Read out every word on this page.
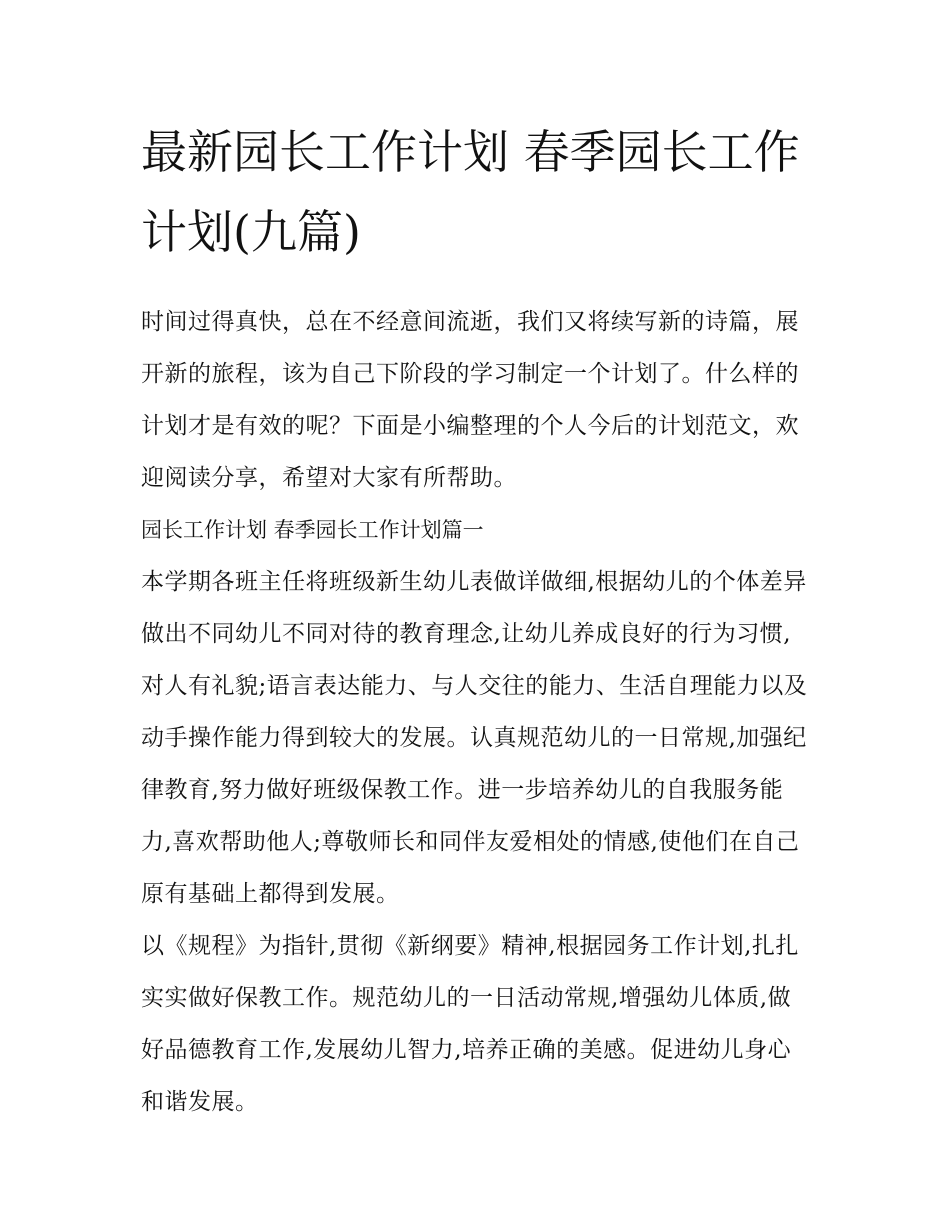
最新园长工作计划 春季园长工作计划(九篇)

时间过得真快，总在不经意间流逝，我们又将续写新的诗篇，展开新的旅程，该为自己下阶段的学习制定一个计划了。什么样的计划才是有效的呢？下面是小编整理的个人今后的计划范文，欢迎阅读分享，希望对大家有所帮助。

园长工作计划 春季园长工作计划篇一

本学期各班主任将班级新生幼儿表做详做细,根据幼儿的个体差异做出不同幼儿不同对待的教育理念,让幼儿养成良好的行为习惯,对人有礼貌;语言表达能力、与人交往的能力、生活自理能力以及动手操作能力得到较大的发展。认真规范幼儿的一日常规,加强纪律教育,努力做好班级保教工作。进一步培养幼儿的自我服务能力,喜欢帮助他人;尊敬师长和同伴友爱相处的情感,使他们在自己原有基础上都得到发展。

以《规程》为指针,贯彻《新纲要》精神,根据园务工作计划,扎扎实实做好保教工作。规范幼儿的一日活动常规,增强幼儿体质,做好品德教育工作,发展幼儿智力,培养正确的美感。促进幼儿身心和谐发展。
